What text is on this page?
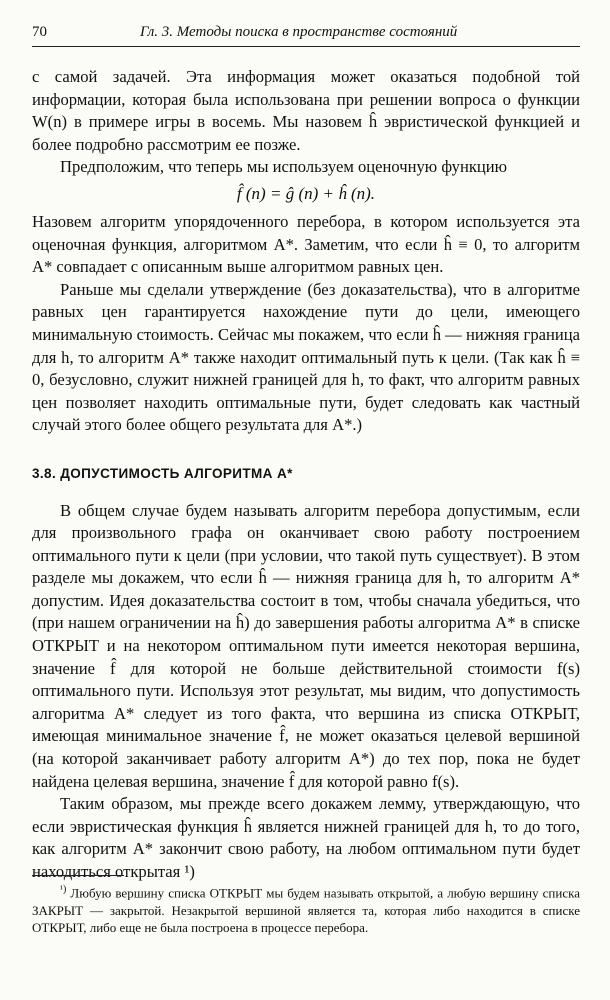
70	Гл. 3. Методы поиска в пространстве состояний

с самой задачей. Эта информация может оказаться подобной той информации, которая была использована при решении вопроса о функции W(n) в примере игры в восемь. Мы назовем ĥ эвристической функцией и более подробно рассмотрим ее позже.

Предположим, что теперь мы используем оценочную функцию

f̂ (n) = ĝ (n) + ĥ (n).

Назовем алгоритм упорядоченного перебора, в котором используется эта оценочная функция, алгоритмом A*. Заметим, что если ĥ ≡ 0, то алгоритм A* совпадает с описанным выше алгоритмом равных цен.

Раньше мы сделали утверждение (без доказательства), что в алгоритме равных цен гарантируется нахождение пути до цели, имеющего минимальную стоимость. Сейчас мы покажем, что если ĥ — нижняя граница для h, то алгоритм A* также находит оптимальный путь к цели. (Так как ĥ ≡ 0, безусловно, служит нижней границей для h, то факт, что алгоритм равных цен позволяет находить оптимальные пути, будет следовать как частный случай этого более общего результата для A*.)

3.8. ДОПУСТИМОСТЬ АЛГОРИТМА A*

В общем случае будем называть алгоритм перебора допустимым, если для произвольного графа он оканчивает свою работу построением оптимального пути к цели (при условии, что такой путь существует). В этом разделе мы докажем, что если ĥ — нижняя граница для h, то алгоритм A* допустим. Идея доказательства состоит в том, чтобы сначала убедиться, что (при нашем ограничении на ĥ) до завершения работы алгоритма A* в списке ОТКРЫТ и на некотором оптимальном пути имеется некоторая вершина, значение f̂ для которой не больше действительной стоимости f(s) оптимального пути. Используя этот результат, мы видим, что допустимость алгоритма A* следует из того факта, что вершина из списка ОТКРЫТ, имеющая минимальное значение f̂, не может оказаться целевой вершиной (на которой заканчивает работу алгоритм A*) до тех пор, пока не будет найдена целевая вершина, значение f̂ для которой равно f(s).

Таким образом, мы прежде всего докажем лемму, утверждающую, что если эвристическая функция ĥ является нижней границей для h, то до того, как алгоритм A* закончит свою работу, на любом оптимальном пути будет находиться открытая ¹)

$^{^1)}$ Любую вершину списка ОТКРЫТ мы будем называть открытой, а любую вершину списка ЗАКРЫТ — закрытой. Незакрытой вершиной является та, которая либо находится в списке ОТКРЫТ, либо еще не была построена в процессе перебора.
